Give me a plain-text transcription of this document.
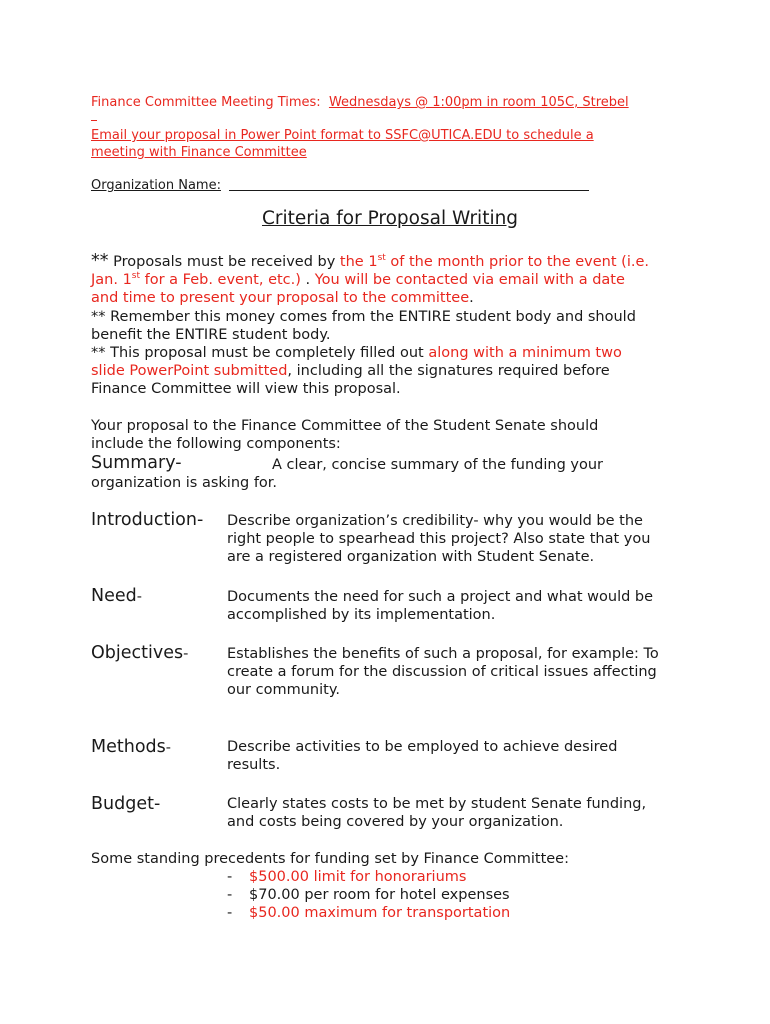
Finance Committee Meeting Times: Wednesdays @ 1:00pm in room 105C, Strebel
Email your proposal in Power Point format to SSFC@UTICA.EDU to schedule a
meeting with Finance Committee
Organization Name:
Criteria for Proposal Writing
** Proposals must be received by the 1st of the month prior to the event (i.e.
Jan. 1st for a Feb. event, etc.) . You will be contacted via email with a date
and time to present your proposal to the committee.
** Remember this money comes from the ENTIRE student body and should
benefit the ENTIRE student body.
** This proposal must be completely filled out along with a minimum two
slide PowerPoint submitted, including all the signatures required before
Finance Committee will view this proposal.
Your proposal to the Finance Committee of the Student Senate should
include the following components:
Summary-	A clear, concise summary of the funding your
organization is asking for.
Introduction- Describe organization’s credibility- why you would be the
right people to spearhead this project? Also state that you
are a registered organization with Student Senate.
Need-	Documents the need for such a project and what would be
accomplished by its implementation.
Objectives-	Establishes the benefits of such a proposal, for example: To
create a forum for the discussion of critical issues affecting
our community.
Methods-	Describe activities to be employed to achieve desired
results.
Budget-	Clearly states costs to be met by student Senate funding,
and costs being covered by your organization.
Some standing precedents for funding set by Finance Committee:
- $500.00 limit for honorariums
- $70.00 per room for hotel expenses
- $50.00 maximum for transportation
